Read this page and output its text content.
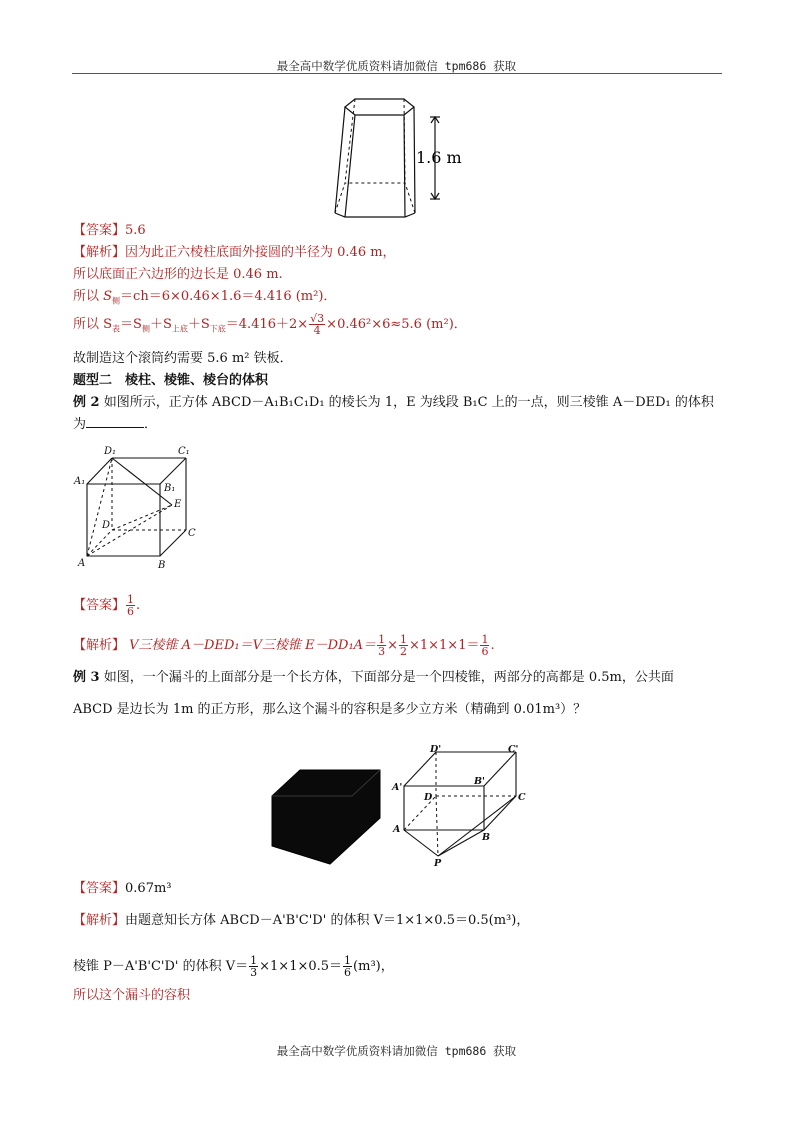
最全高中数学优质资料请加微信 tpm686 获取
1.6 m
【答案】5.6
【解析】因为此正六棱柱底面外接圆的半径为 0.46 m，
所以底面正六边形的边长是 0.46 m.
所以 $S_侧=ch=6\times 0.46\times 1.6=4.416$ (m²)．
所以 $S_表=S_侧+S_{上底}+S_{下底}=4.416+2\times \frac{√3}{4} \times 0.46^2\times 6\approx 5.6$ (m²)．
故制造这个滚筒约需要 5.6 m² 铁板．
题型二　棱柱、棱锥、棱台的体积
例 2 如图所示，正方体 ABCD－A₁B₁C₁D₁ 的棱长为 1，E 为线段 B₁C 上的一点，则三棱锥 A－DED₁ 的体积
为	．
D₁	C₁
A₁
B₁
E
D
C
A	B
【答案】 $\frac{1}{6}$ .
【解析】 V三棱锥 A－DED₁＝V三棱锥 $E-DD_1A= \frac{1}{3} \times \frac{1}{2} \times 1\times 1\times 1= \frac{1}{6}$ .
例 3 如图，一个漏斗的上面部分是一个长方体，下面部分是一个四棱锥，两部分的高都是 0.5m，公共面
ABCD 是边长为 1m 的正方形，那么这个漏斗的容积是多少立方米（精确到 0.01m³）？
D'	C'
A'
B'
D	C
A
B
P
【答案】0.67m³
【解析】由题意知长方体 ABCD－A'B'C'D' 的体积 V＝1×1×0.5＝0.5(m³)，
棱锥 P－A'B'C'D' 的体积 $V= \frac{1}{3} \times 1\times 1\times 0.5= \frac{1}{6} (m^3)$，
所以这个漏斗的容积
最全高中数学优质资料请加微信 tpm686 获取
